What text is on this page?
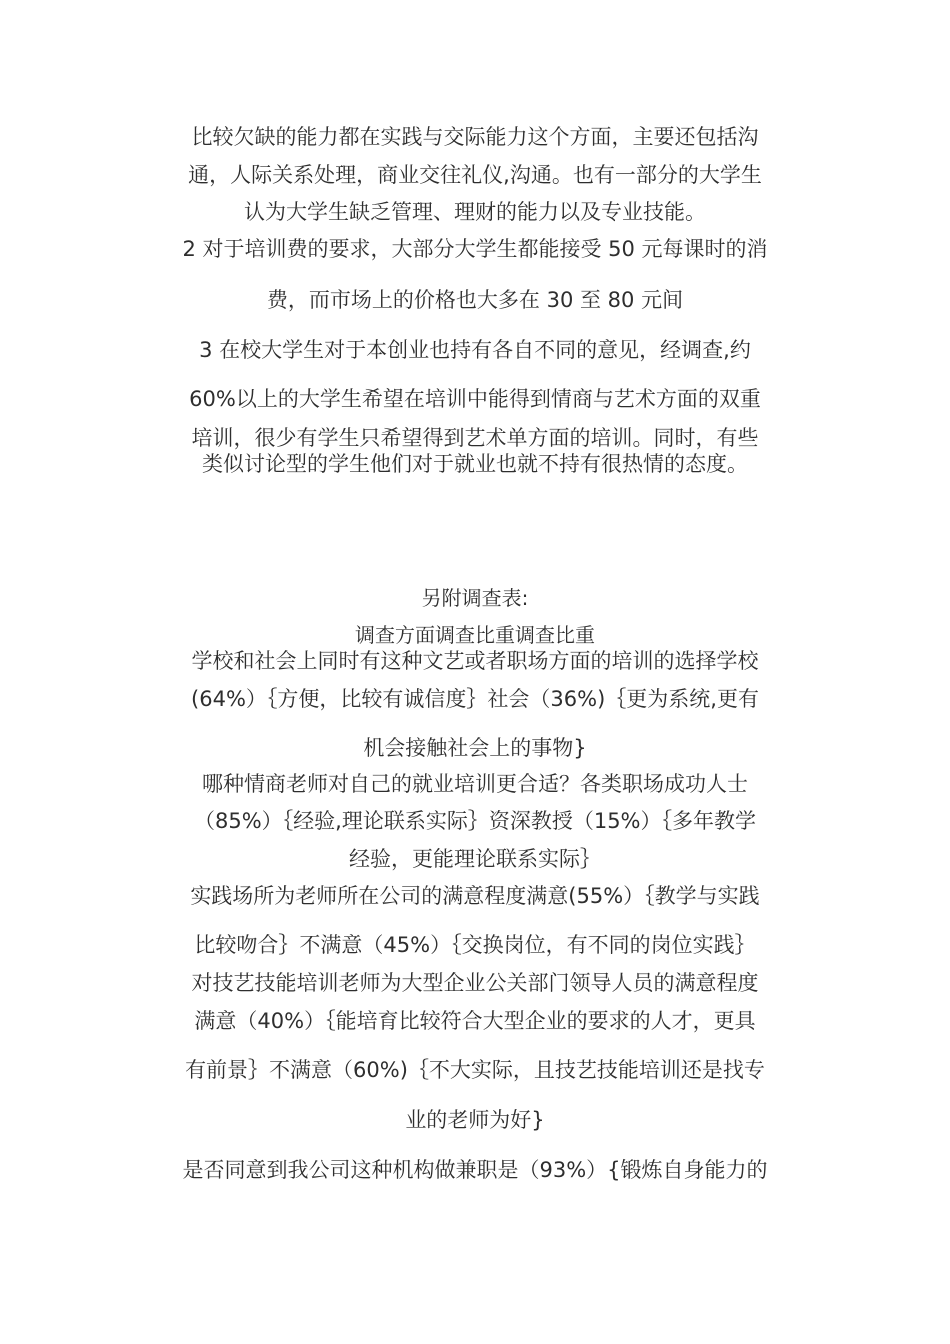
比较欠缺的能力都在实践与交际能力这个方面，主要还包括沟
通，人际关系处理，商业交往礼仪,沟通。也有一部分的大学生
认为大学生缺乏管理、理财的能力以及专业技能。
2 对于培训费的要求，大部分大学生都能接受 50 元每课时的消
费，而市场上的价格也大多在 30 至 80 元间
3 在校大学生对于本创业也持有各自不同的意见，经调查,约
60%以上的大学生希望在培训中能得到情商与艺术方面的双重
培训，很少有学生只希望得到艺术单方面的培训。同时，有些
类似讨论型的学生他们对于就业也就不持有很热情的态度。
另附调查表:
调查方面调查比重调查比重
学校和社会上同时有这种文艺或者职场方面的培训的选择学校
(64%）｛方便，比较有诚信度｝社会（36%)｛更为系统,更有
机会接触社会上的事物}
哪种情商老师对自己的就业培训更合适？各类职场成功人士
（85%）｛经验,理论联系实际｝资深教授（15%）｛多年教学
经验，更能理论联系实际｝
实践场所为老师所在公司的满意程度满意(55%）｛教学与实践
比较吻合｝不满意（45%）｛交换岗位，有不同的岗位实践｝
对技艺技能培训老师为大型企业公关部门领导人员的满意程度
满意（40%）｛能培育比较符合大型企业的要求的人才，更具
有前景｝不满意（60%)｛不大实际，且技艺技能培训还是找专
业的老师为好}
是否同意到我公司这种机构做兼职是（93%）{锻炼自身能力的
